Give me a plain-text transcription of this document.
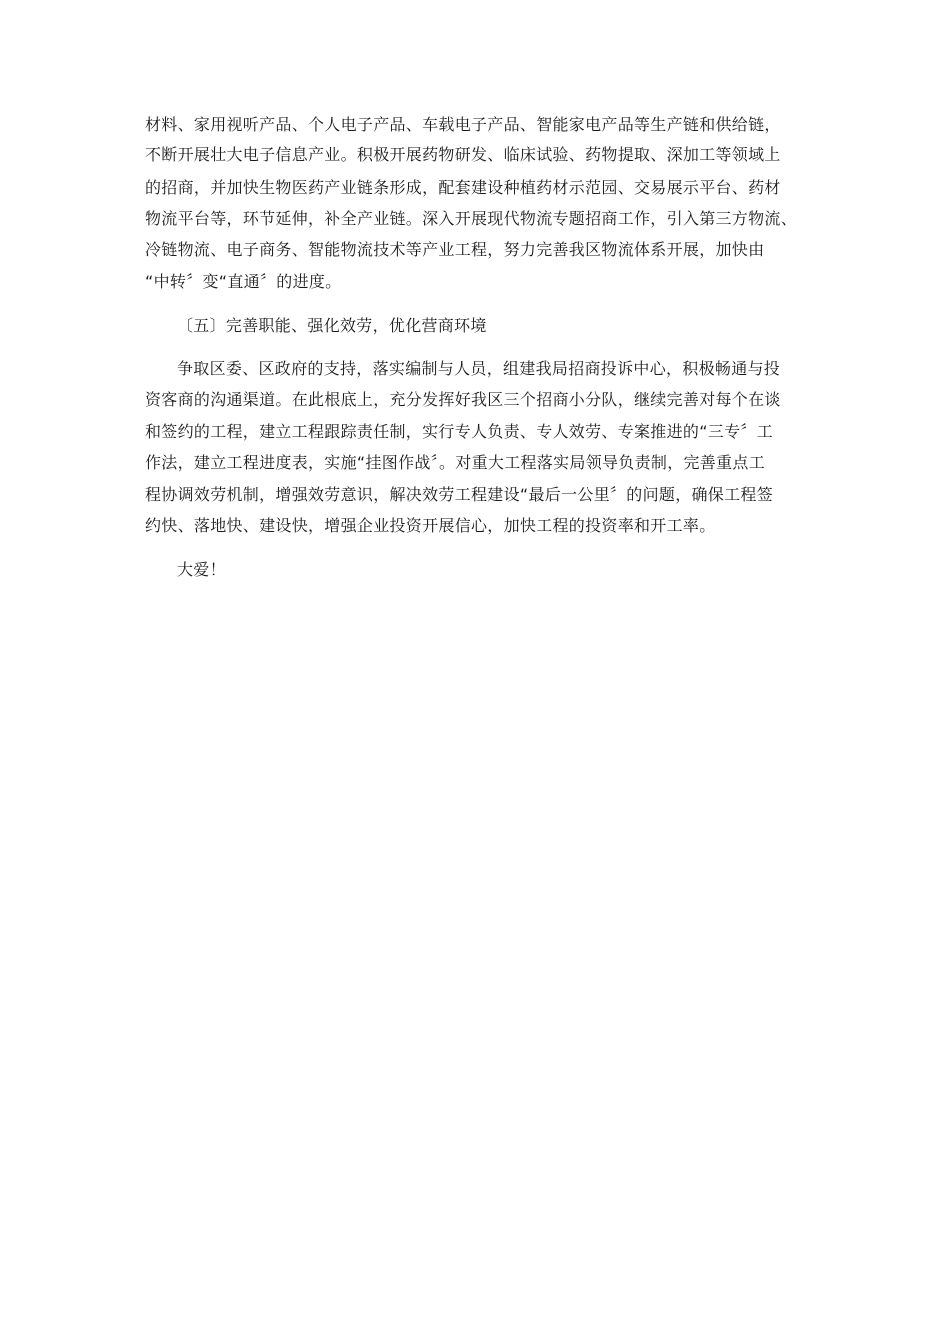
材料、家用视听产品、个人电子产品、车载电子产品、智能家电产品等生产链和供给链，
不断开展壮大电子信息产业。积极开展药物研发、临床试验、药物提取、深加工等领域上
的招商，并加快生物医药产业链条形成，配套建设种植药材示范园、交易展示平台、药材
物流平台等，环节延伸，补全产业链。深入开展现代物流专题招商工作，引入第三方物流、
冷链物流、电子商务、智能物流技术等产业工程，努力完善我区物流体系开展，加快由
“中转〞变“直通〞的进度。
〔五〕完善职能、强化效劳，优化营商环境
争取区委、区政府的支持，落实编制与人员，组建我局招商投诉中心，积极畅通与投
资客商的沟通渠道。在此根底上，充分发挥好我区三个招商小分队，继续完善对每个在谈
和签约的工程，建立工程跟踪责任制，实行专人负责、专人效劳、专案推进的“三专〞工
作法，建立工程进度表，实施“挂图作战〞。对重大工程落实局领导负责制，完善重点工
程协调效劳机制，增强效劳意识，解决效劳工程建设“最后一公里〞的问题，确保工程签
约快、落地快、建设快，增强企业投资开展信心，加快工程的投资率和开工率。
大爱！
